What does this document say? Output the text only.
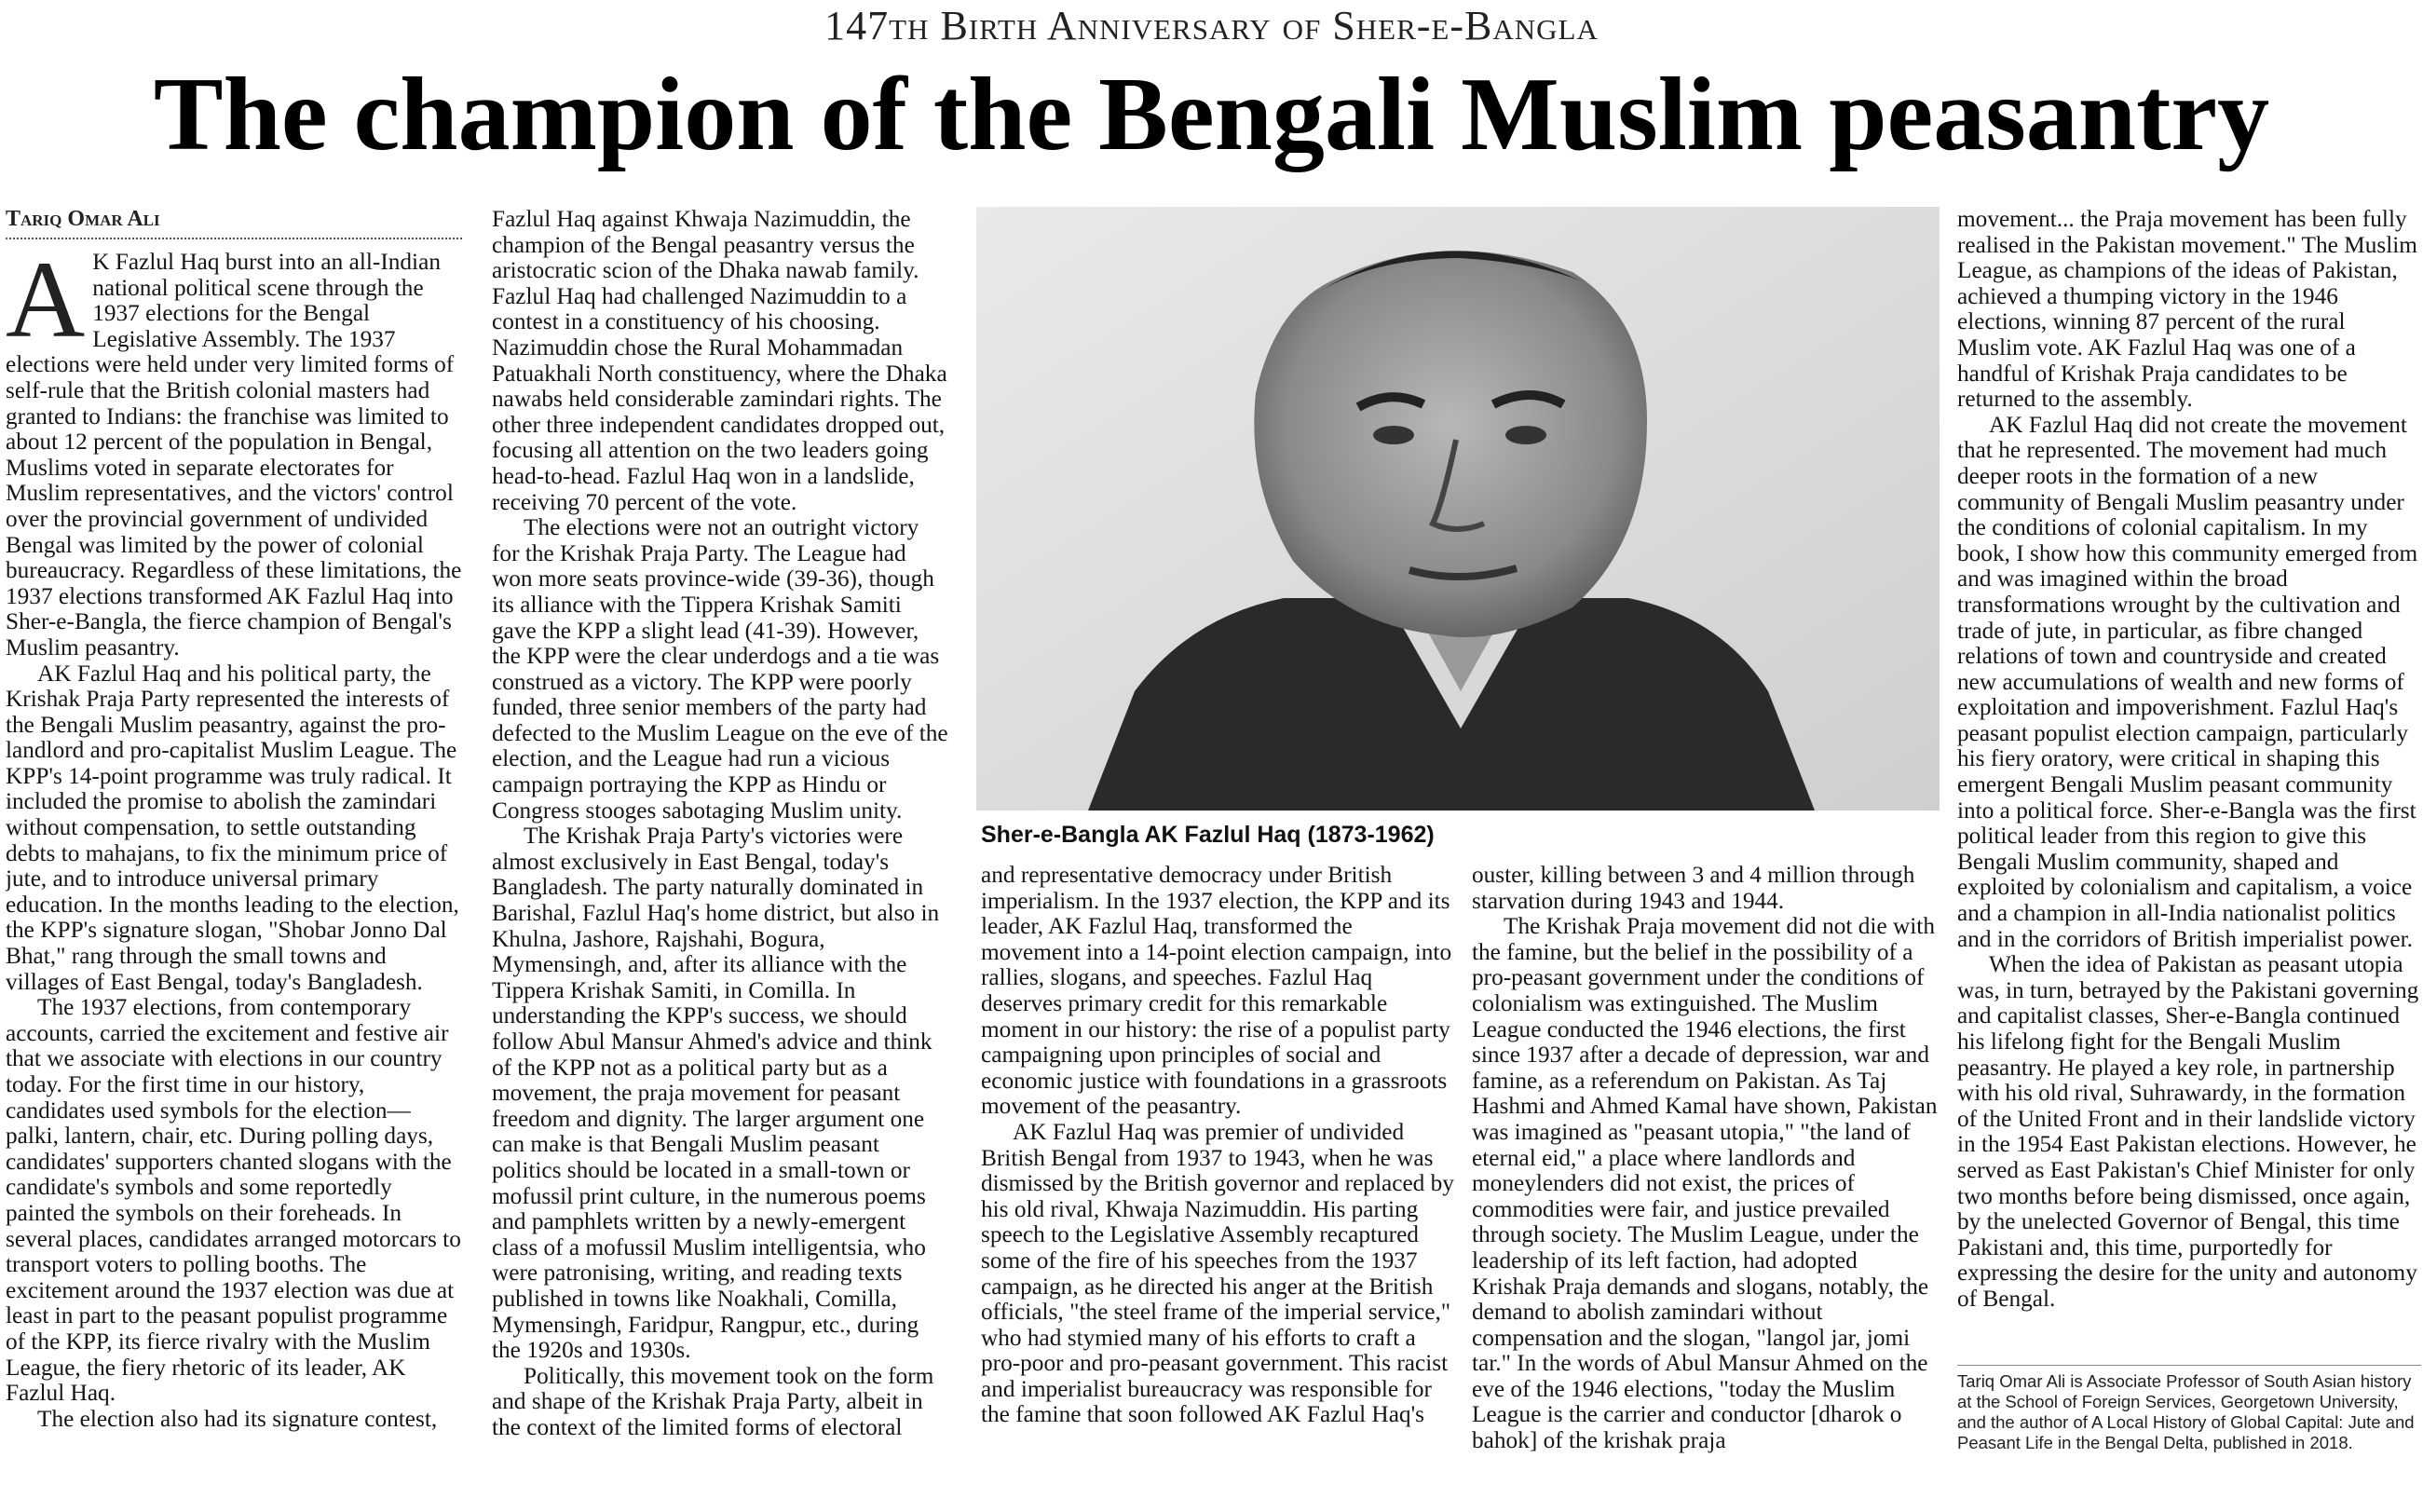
147th Birth Anniversary of Sher-e-Bangla
The champion of the Bengali Muslim peasantry
Tariq Omar Ali
A K Fazlul Haq burst into an all-Indian national political scene through the 1937 elections for the Bengal Legislative Assembly. The 1937 elections were held under very limited forms of self-rule that the British colonial masters had granted to Indians: the franchise was limited to about 12 percent of the population in Bengal, Muslims voted in separate electorates for Muslim representatives, and the victors' control over the provincial government of undivided Bengal was limited by the power of colonial bureaucracy. Regardless of these limitations, the 1937 elections transformed AK Fazlul Haq into Sher-e-Bangla, the fierce champion of Bengal's Muslim peasantry.

AK Fazlul Haq and his political party, the Krishak Praja Party represented the interests of the Bengali Muslim peasantry, against the pro-landlord and pro-capitalist Muslim League. The KPP's 14-point programme was truly radical. It included the promise to abolish the zamindari without compensation, to settle outstanding debts to mahajans, to fix the minimum price of jute, and to introduce universal primary education. In the months leading to the election, the KPP's signature slogan, "Shobar Jonno Dal Bhat," rang through the small towns and villages of East Bengal, today's Bangladesh.

The 1937 elections, from contemporary accounts, carried the excitement and festive air that we associate with elections in our country today. For the first time in our history, candidates used symbols for the election—palki, lantern, chair, etc. During polling days, candidates' supporters chanted slogans with the candidate's symbols and some reportedly painted the symbols on their foreheads. In several places, candidates arranged motorcars to transport voters to polling booths. The excitement around the 1937 election was due at least in part to the peasant populist programme of the KPP, its fierce rivalry with the Muslim League, the fiery rhetoric of its leader, AK Fazlul Haq.

The election also had its signature contest,

Fazlul Haq against Khwaja Nazimuddin, the champion of the Bengal peasantry versus the aristocratic scion of the Dhaka nawab family. Fazlul Haq had challenged Nazimuddin to a contest in a constituency of his choosing. Nazimuddin chose the Rural Mohammadan Patuakhali North constituency, where the Dhaka nawabs held considerable zamindari rights. The other three independent candidates dropped out, focusing all attention on the two leaders going head-to-head. Fazlul Haq won in a landslide, receiving 70 percent of the vote.

The elections were not an outright victory for the Krishak Praja Party. The League had won more seats province-wide (39-36), though its alliance with the Tippera Krishak Samiti gave the KPP a slight lead (41-39). However, the KPP were the clear underdogs and a tie was construed as a victory. The KPP were poorly funded, three senior members of the party had defected to the Muslim League on the eve of the election, and the League had run a vicious campaign portraying the KPP as Hindu or Congress stooges sabotaging Muslim unity.

The Krishak Praja Party's victories were almost exclusively in East Bengal, today's Bangladesh. The party naturally dominated in Barishal, Fazlul Haq's home district, but also in Khulna, Jashore, Rajshahi, Bogura, Mymensingh, and, after its alliance with the Tippera Krishak Samiti, in Comilla. In understanding the KPP's success, we should follow Abul Mansur Ahmed's advice and think of the KPP not as a political party but as a movement, the praja movement for peasant freedom and dignity. The larger argument one can make is that Bengali Muslim peasant politics should be located in a small-town or mofussil print culture, in the numerous poems and pamphlets written by a newly-emergent class of a mofussil Muslim intelligentsia, who were patronising, writing, and reading texts published in towns like Noakhali, Comilla, Mymensingh, Faridpur, Rangpur, etc., during the 1920s and 1930s.

Politically, this movement took on the form and shape of the Krishak Praja Party, albeit in the context of the limited forms of electoral

Sher-e-Bangla AK Fazlul Haq (1873-1962)

and representative democracy under British imperialism. In the 1937 election, the KPP and its leader, AK Fazlul Haq, transformed the movement into a 14-point election campaign, into rallies, slogans, and speeches. Fazlul Haq deserves primary credit for this remarkable moment in our history: the rise of a populist party campaigning upon principles of social and economic justice with foundations in a grassroots movement of the peasantry.

AK Fazlul Haq was premier of undivided British Bengal from 1937 to 1943, when he was dismissed by the British governor and replaced by his old rival, Khwaja Nazimuddin. His parting speech to the Legislative Assembly recaptured some of the fire of his speeches from the 1937 campaign, as he directed his anger at the British officials, "the steel frame of the imperial service," who had stymied many of his efforts to craft a pro-poor and pro-peasant government. This racist and imperialist bureaucracy was responsible for the famine that soon followed AK Fazlul Haq's

ouster, killing between 3 and 4 million through starvation during 1943 and 1944.

The Krishak Praja movement did not die with the famine, but the belief in the possibility of a pro-peasant government under the conditions of colonialism was extinguished. The Muslim League conducted the 1946 elections, the first since 1937 after a decade of depression, war and famine, as a referendum on Pakistan. As Taj Hashmi and Ahmed Kamal have shown, Pakistan was imagined as "peasant utopia," "the land of eternal eid," a place where landlords and moneylenders did not exist, the prices of commodities were fair, and justice prevailed through society. The Muslim League, under the leadership of its left faction, had adopted Krishak Praja demands and slogans, notably, the demand to abolish zamindari without compensation and the slogan, "langol jar, jomi tar." In the words of Abul Mansur Ahmed on the eve of the 1946 elections, "today the Muslim League is the carrier and conductor [dharok o bahok] of the krishak praja

movement... the Praja movement has been fully realised in the Pakistan movement." The Muslim League, as champions of the ideas of Pakistan, achieved a thumping victory in the 1946 elections, winning 87 percent of the rural Muslim vote. AK Fazlul Haq was one of a handful of Krishak Praja candidates to be returned to the assembly.

AK Fazlul Haq did not create the movement that he represented. The movement had much deeper roots in the formation of a new community of Bengali Muslim peasantry under the conditions of colonial capitalism. In my book, I show how this community emerged from and was imagined within the broad transformations wrought by the cultivation and trade of jute, in particular, as fibre changed relations of town and countryside and created new accumulations of wealth and new forms of exploitation and impoverishment. Fazlul Haq's peasant populist election campaign, particularly his fiery oratory, were critical in shaping this emergent Bengali Muslim peasant community into a political force. Sher-e-Bangla was the first political leader from this region to give this Bengali Muslim community, shaped and exploited by colonialism and capitalism, a voice and a champion in all-India nationalist politics and in the corridors of British imperialist power.

When the idea of Pakistan as peasant utopia was, in turn, betrayed by the Pakistani governing and capitalist classes, Sher-e-Bangla continued his lifelong fight for the Bengali Muslim peasantry. He played a key role, in partnership with his old rival, Suhrawardy, in the formation of the United Front and in their landslide victory in the 1954 East Pakistan elections. However, he served as East Pakistan's Chief Minister for only two months before being dismissed, once again, by the unelected Governor of Bengal, this time Pakistani and, this time, purportedly for expressing the desire for the unity and autonomy of Bengal.

Tariq Omar Ali is Associate Professor of South Asian history at the School of Foreign Services, Georgetown University, and the author of A Local History of Global Capital: Jute and Peasant Life in the Bengal Delta, published in 2018.
